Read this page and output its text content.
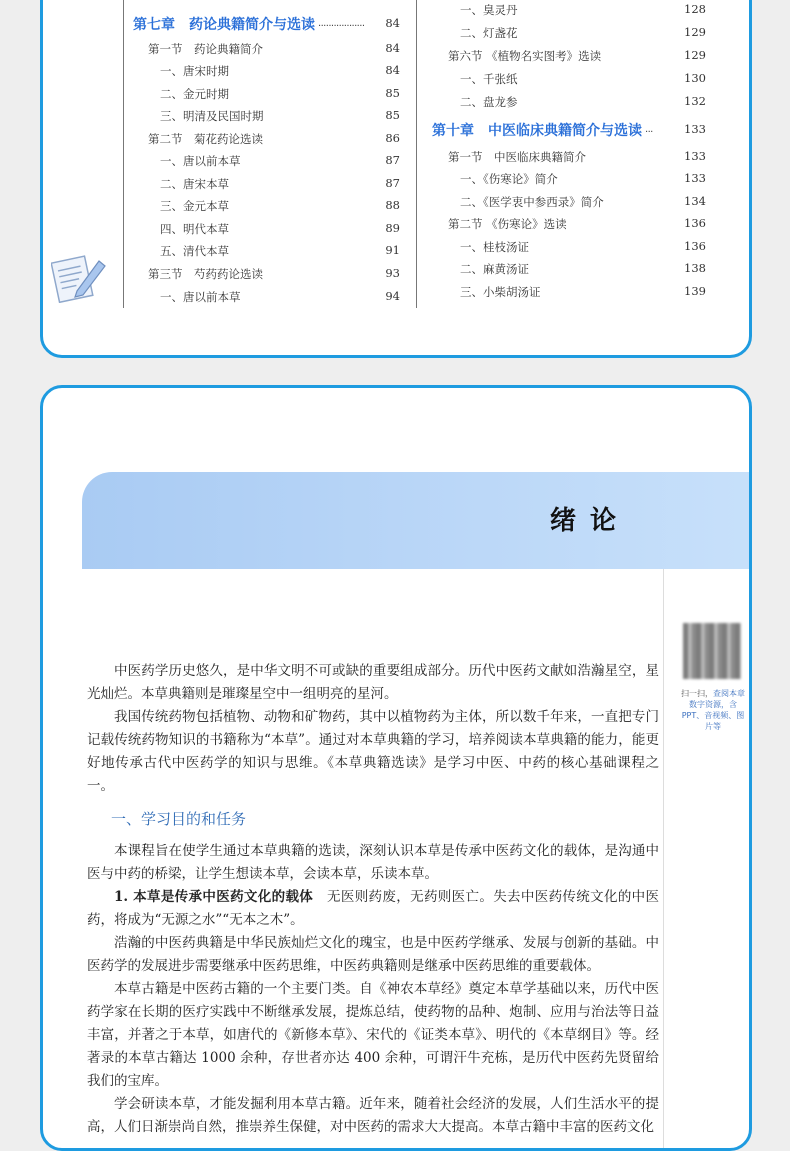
第七章　药论典籍简介与选读 ·················· 84
第一节　药论典籍简介	84
一、唐宋时期	84
二、金元时期	85
三、明清及民国时期	85
第二节　菊花药论选读	86
一、唐以前本草	87
二、唐宋本草	87
三、金元本草	88
四、明代本草	89
五、清代本草	91
第三节　芍药药论选读	93
一、唐以前本草	94
一、臭灵丹	128
二、灯盏花	129
第六节 《植物名实图考》选读	129
一、千张纸	130
二、盘龙参	132
第十章　中医临床典籍简介与选读 ···	133
第一节　中医临床典籍简介	133
一、《伤寒论》简介	133
二、《医学衷中参西录》简介	134
第二节 《伤寒论》选读	136
一、桂枝汤证	136
二、麻黄汤证	138
三、小柴胡汤证	139
绪论
扫一扫，查阅本章数字资源，含 PPT、音视频、图片等

中医药学历史悠久，是中华文明不可或缺的重要组成部分。历代中医药文献如浩瀚星空，星光灿烂。本草典籍则是璀璨星空中一组明亮的星河。

我国传统药物包括植物、动物和矿物药，其中以植物药为主体，所以数千年来，一直把专门记载传统药物知识的书籍称为“本草”。通过对本草典籍的学习，培养阅读本草典籍的能力，能更好地传承古代中医药学的知识与思维。《本草典籍选读》是学习中医、中药的核心基础课程之一。

一、学习目的和任务

本课程旨在使学生通过本草典籍的选读，深刻认识本草是传承中医药文化的载体，是沟通中医与中药的桥梁，让学生想读本草，会读本草，乐读本草。

1. 本草是传承中医药文化的载体　无医则药废，无药则医亡。失去中医药传统文化的中医药，将成为“无源之水”“无本之木”。

浩瀚的中医药典籍是中华民族灿烂文化的瑰宝，也是中医药学继承、发展与创新的基础。中医药学的发展进步需要继承中医药思维，中医药典籍则是继承中医药思维的重要载体。

本草古籍是中医药古籍的一个主要门类。自《神农本草经》奠定本草学基础以来，历代中医药学家在长期的医疗实践中不断继承发展，提炼总结，使药物的品种、炮制、应用与治法等日益丰富，并著之于本草，如唐代的《新修本草》、宋代的《证类本草》、明代的《本草纲目》等。经著录的本草古籍达 1000 余种，存世者亦达 400 余种，可谓汗牛充栋，是历代中医药先贤留给我们的宝库。

学会研读本草，才能发掘利用本草古籍。近年来，随着社会经济的发展，人们生活水平的提高，人们日渐崇尚自然，推崇养生保健，对中医药的需求大大提高。本草古籍中丰富的医药文化
